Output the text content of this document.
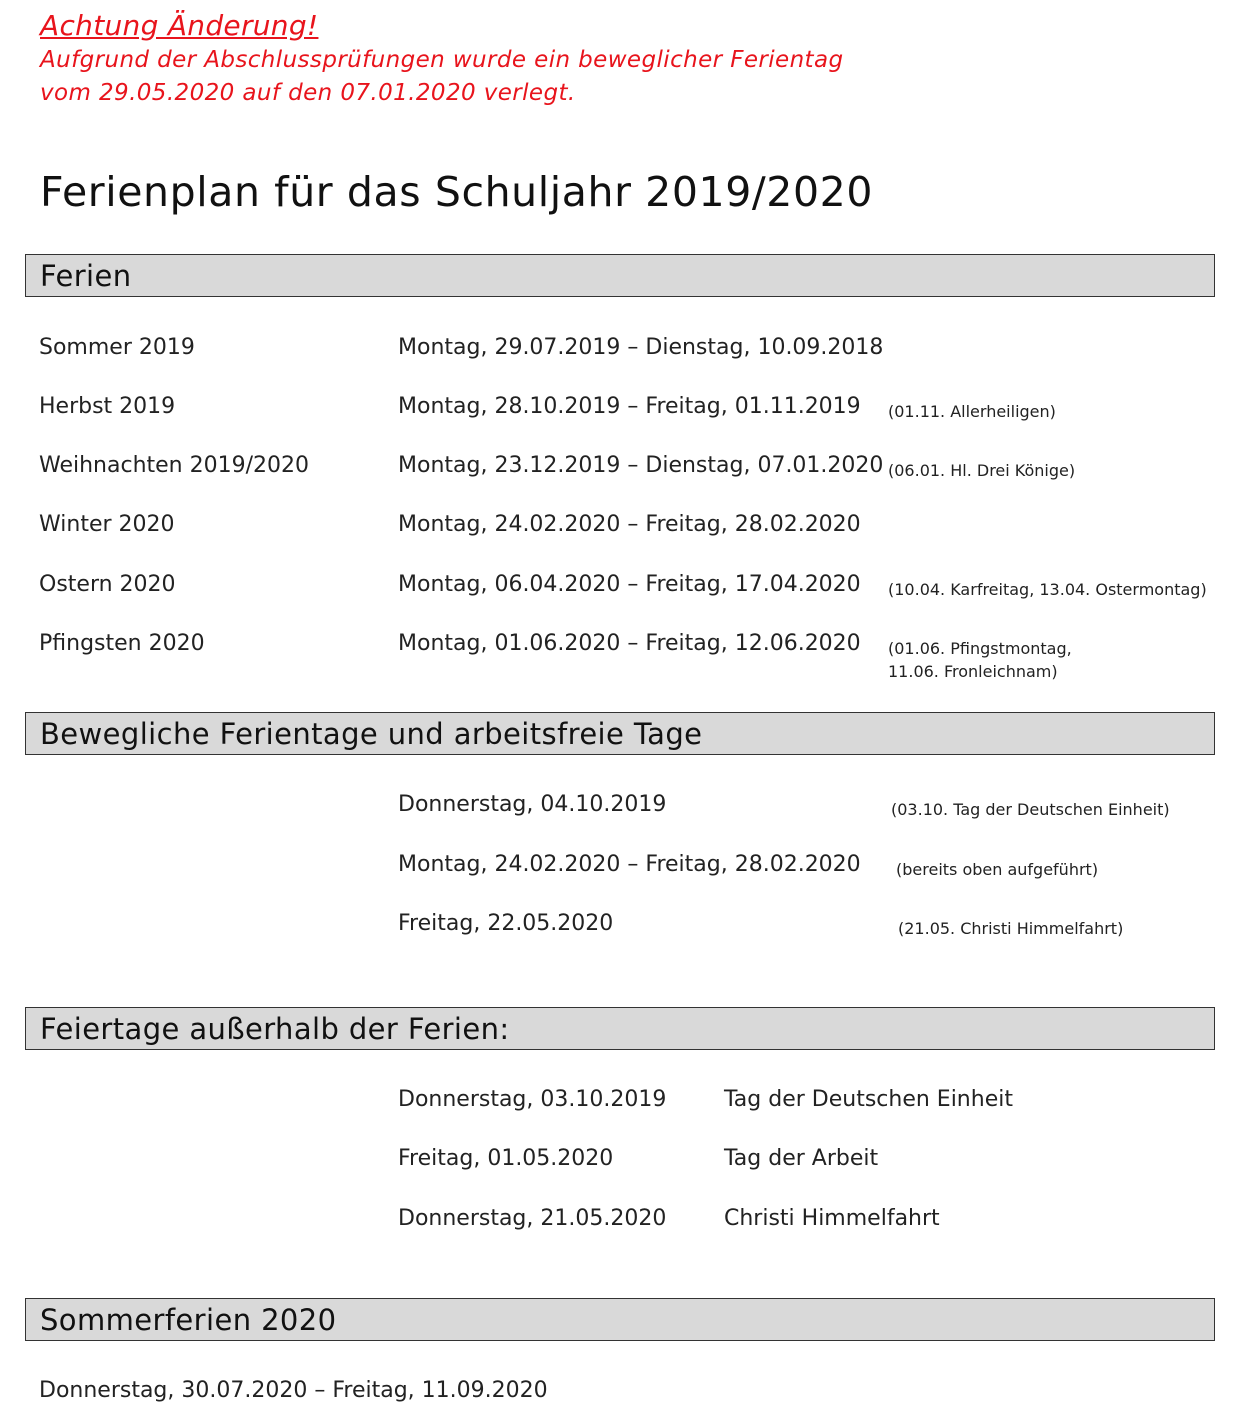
Achtung Änderung!
Aufgrund der Abschlussprüfungen wurde ein beweglicher Ferientag
vom 29.05.2020 auf den 07.01.2020 verlegt.
Ferienplan für das Schuljahr 2019/2020
Ferien
Sommer 2019	Montag, 29.07.2019 – Dienstag, 10.09.2018
Herbst 2019	Montag, 28.10.2019 – Freitag, 01.11.2019 (01.11. Allerheiligen)
Weihnachten 2019/2020	Montag, 23.12.2019 – Dienstag, 07.01.2020 (06.01. Hl. Drei Könige)
Winter 2020	Montag, 24.02.2020 – Freitag, 28.02.2020
Ostern 2020	Montag, 06.04.2020 – Freitag, 17.04.2020 (10.04. Karfreitag, 13.04. Ostermontag)
Pfingsten 2020	Montag, 01.06.2020 – Freitag, 12.06.2020 (01.06. Pfingstmontag,
11.06. Fronleichnam)
Bewegliche Ferientage und arbeitsfreie Tage
Donnerstag, 04.10.2019	(03.10. Tag der Deutschen Einheit)
Montag, 24.02.2020 – Freitag, 28.02.2020 (bereits oben aufgeführt)
Freitag, 22.05.2020	(21.05. Christi Himmelfahrt)
Feiertage außerhalb der Ferien:
Donnerstag, 03.10.2019	Tag der Deutschen Einheit
Freitag, 01.05.2020	Tag der Arbeit
Donnerstag, 21.05.2020	Christi Himmelfahrt
Sommerferien 2020
Donnerstag, 30.07.2020 – Freitag, 11.09.2020
